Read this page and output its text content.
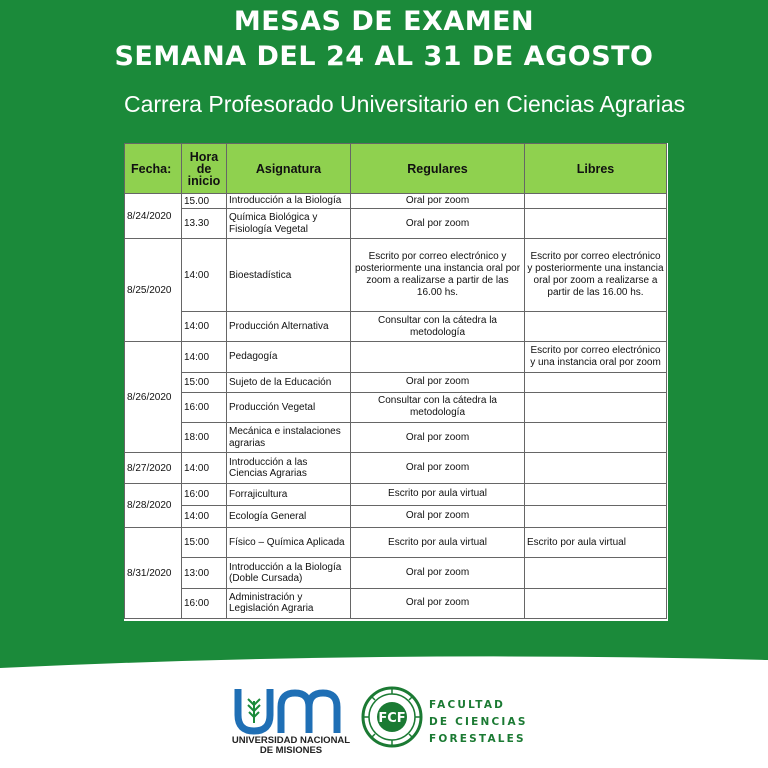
MESAS DE EXAMEN
SEMANA DEL 24 AL 31 DE AGOSTO
Carrera Profesorado Universitario en Ciencias Agrarias
Fecha:	Hora de inicio	Asignatura	Regulares	Libres
8/24/2020	15.00	Introducción a la Biología	Oral por zoom	
	13.30	Química Biológica y Fisiología Vegetal	Oral por zoom	
8/25/2020	14:00	Bioestadística	Escrito por correo electrónico y posteriormente una instancia oral por zoom a realizarse a partir de las 16.00 hs.	Escrito por correo electrónico y posteriormente una instancia oral por zoom a realizarse a partir de las 16.00 hs.
	14:00	Producción Alternativa	Consultar con la cátedra la metodología	
8/26/2020	14:00	Pedagogía		Escrito por correo electrónico y una instancia oral por zoom
	15:00	Sujeto de la Educación	Oral por zoom	
	16:00	Producción Vegetal	Consultar con la cátedra la metodología	
	18:00	Mecánica e instalaciones agrarias	Oral por zoom	
8/27/2020	14:00	Introducción a las Ciencias Agrarias	Oral por zoom	
8/28/2020	16:00	Forrajicultura	Escrito por aula virtual	
	14:00	Ecología General	Oral por zoom	
8/31/2020	15:00	Físico – Química Aplicada	Escrito por aula virtual	Escrito por aula virtual
	13:00	Introducción a la Biología (Doble Cursada)	Oral por zoom	
	16:00	Administración y Legislación Agraria	Oral por zoom	
UNIVERSIDAD NACIONAL
DE MISIONES
FCF
FACULTAD
DE CIENCIAS
FORESTALES
